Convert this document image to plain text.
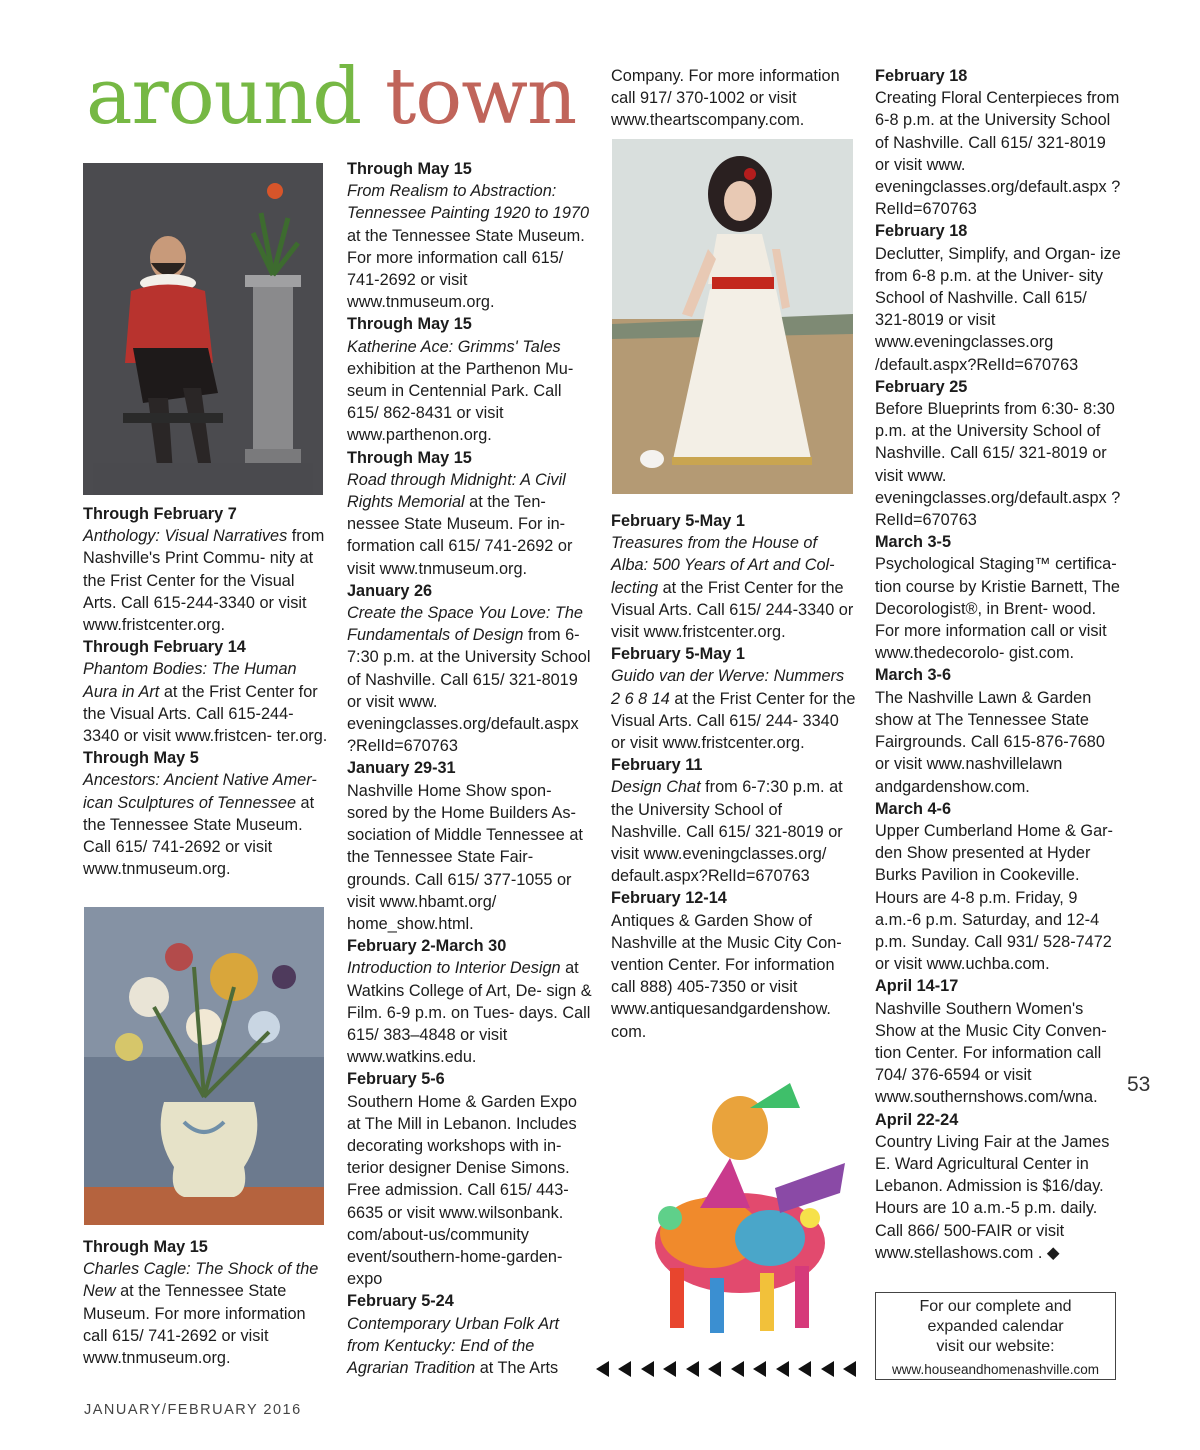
around town

Through February 7
Anthology: Visual Narratives from Nashville's Print Commu- nity at the Frist Center for the Visual Arts. Call 615-244-3340 or visit www.fristcenter.org.

Through February 14
Phantom Bodies: The Human Aura in Art at the Frist Center for the Visual Arts. Call 615-244-3340 or visit www.fristcen- ter.org.

Through May 5
Ancestors: Ancient Native Amer- ican Sculptures of Tennessee at the Tennessee State Museum. Call 615/ 741-2692 or visit www.tnmuseum.org.

Through May 15
Charles Cagle: The Shock of the New at the Tennessee State Museum. For more information call 615/ 741-2692 or visit www.tnmuseum.org.

Through May 15
From Realism to Abstraction: Tennessee Painting 1920 to 1970 at the Tennessee State Museum. For more information call 615/ 741-2692 or visit www.tnmuseum.org.

Through May 15
Katherine Ace: Grimms' Tales exhibition at the Parthenon Mu- seum in Centennial Park. Call 615/ 862-8431 or visit www.parthenon.org.

Through May 15
Road through Midnight: A Civil Rights Memorial at the Ten- nessee State Museum. For in- formation call 615/ 741-2692 or visit www.tnmuseum.org.

January 26
Create the Space You Love: The Fundamentals of Design from 6-7:30 p.m. at the University School of Nashville. Call 615/ 321-8019 or visit www. eveningclasses.org/default.aspx ?RelId=670763

January 29-31
Nashville Home Show spon- sored by the Home Builders As- sociation of Middle Tennessee at the Tennessee State Fair- grounds. Call 615/ 377-1055 or visit www.hbamt.org/ home_show.html.

February 2-March 30
Introduction to Interior Design at Watkins College of Art, De- sign & Film. 6-9 p.m. on Tues- days. Call 615/ 383–4848 or visit www.watkins.edu.

February 5-6
Southern Home & Garden Expo at The Mill in Lebanon. Includes decorating workshops with in- terior designer Denise Simons. Free admission. Call 615/ 443- 6635 or visit www.wilsonbank. com/about-us/community event/southern-home-garden- expo

February 5-24
Contemporary Urban Folk Art from Kentucky: End of the Agrarian Tradition at The Arts

Company. For more information call 917/ 370-1002 or visit www.theartscompany.com.

February 5-May 1
Treasures from the House of Alba: 500 Years of Art and Col- lecting at the Frist Center for the Visual Arts. Call 615/ 244-3340 or visit www.fristcenter.org.

February 5-May 1
Guido van der Werve: Nummers 2 6 8 14 at the Frist Center for the Visual Arts. Call 615/ 244- 3340 or visit www.fristcenter.org.

February 11
Design Chat from 6-7:30 p.m. at the University School of Nashville. Call 615/ 321-8019 or visit www.eveningclasses.org/ default.aspx?RelId=670763

February 12-14
Antiques & Garden Show of Nashville at the Music City Con- vention Center. For information call 888) 405-7350 or visit www.antiquesandgardenshow. com.

February 18
Creating Floral Centerpieces from 6-8 p.m. at the University School of Nashville. Call 615/ 321-8019 or visit www. eveningclasses.org/default.aspx ?RelId=670763

February 18
Declutter, Simplify, and Organ- ize from 6-8 p.m. at the Univer- sity School of Nashville. Call 615/ 321-8019 or visit www.eveningclasses.org /default.aspx?RelId=670763

February 25
Before Blueprints from 6:30- 8:30 p.m. at the University School of Nashville. Call 615/ 321-8019 or visit www. eveningclasses.org/default.aspx ?RelId=670763

March 3-5
Psychological Staging™ certifica- tion course by Kristie Barnett, The Decorologist®, in Brent- wood. For more information call or visit www.thedecorolo- gist.com.

March 3-6
The Nashville Lawn & Garden show at The Tennessee State Fairgrounds. Call 615-876-7680 or visit www.nashvillelawn andgardenshow.com.

March 4-6
Upper Cumberland Home & Gar- den Show presented at Hyder Burks Pavilion in Cookeville. Hours are 4-8 p.m. Friday, 9 a.m.-6 p.m. Saturday, and 12-4 p.m. Sunday. Call 931/ 528-7472 or visit www.uchba.com.

April 14-17
Nashville Southern Women's Show at the Music City Conven- tion Center. For information call 704/ 376-6594 or visit www.southernshows.com/wna.

April 22-24
Country Living Fair at the James E. Ward Agricultural Center in Lebanon. Admission is $16/day. Hours are 10 a.m.-5 p.m. daily. Call 866/ 500-FAIR or visit www.stellashows.com . ◆

53
For our complete and
expanded calendar
visit our website:
www.houseandhomenashville.com
JANUARY/FEBRUARY 2016
